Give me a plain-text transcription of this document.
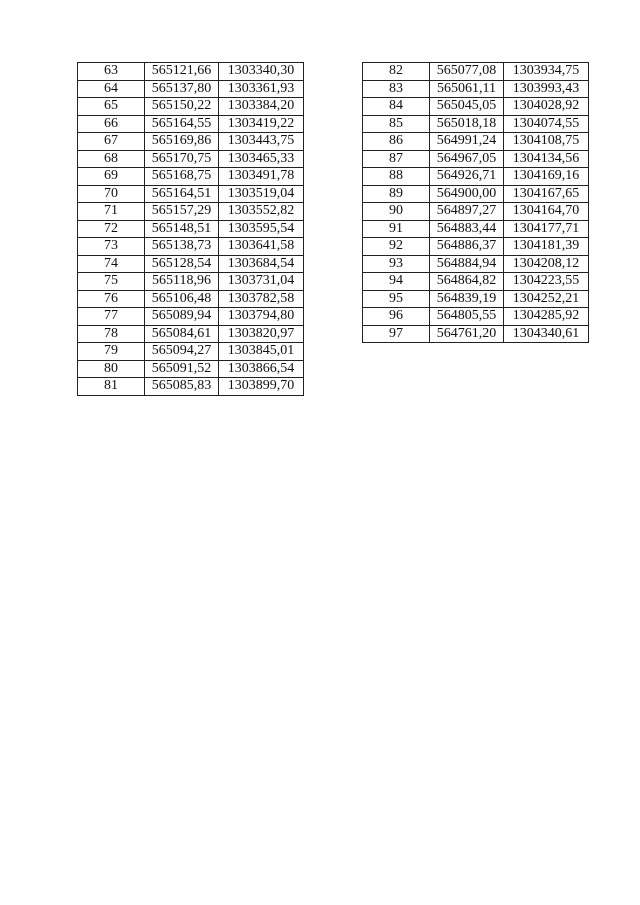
63	565121,66	1303340,30
64	565137,80	1303361,93
65	565150,22	1303384,20
66	565164,55	1303419,22
67	565169,86	1303443,75
68	565170,75	1303465,33
69	565168,75	1303491,78
70	565164,51	1303519,04
71	565157,29	1303552,82
72	565148,51	1303595,54
73	565138,73	1303641,58
74	565128,54	1303684,54
75	565118,96	1303731,04
76	565106,48	1303782,58
77	565089,94	1303794,80
78	565084,61	1303820,97
79	565094,27	1303845,01
80	565091,52	1303866,54
81	565085,83	1303899,70
82	565077,08	1303934,75
83	565061,11	1303993,43
84	565045,05	1304028,92
85	565018,18	1304074,55
86	564991,24	1304108,75
87	564967,05	1304134,56
88	564926,71	1304169,16
89	564900,00	1304167,65
90	564897,27	1304164,70
91	564883,44	1304177,71
92	564886,37	1304181,39
93	564884,94	1304208,12
94	564864,82	1304223,55
95	564839,19	1304252,21
96	564805,55	1304285,92
97	564761,20	1304340,61
